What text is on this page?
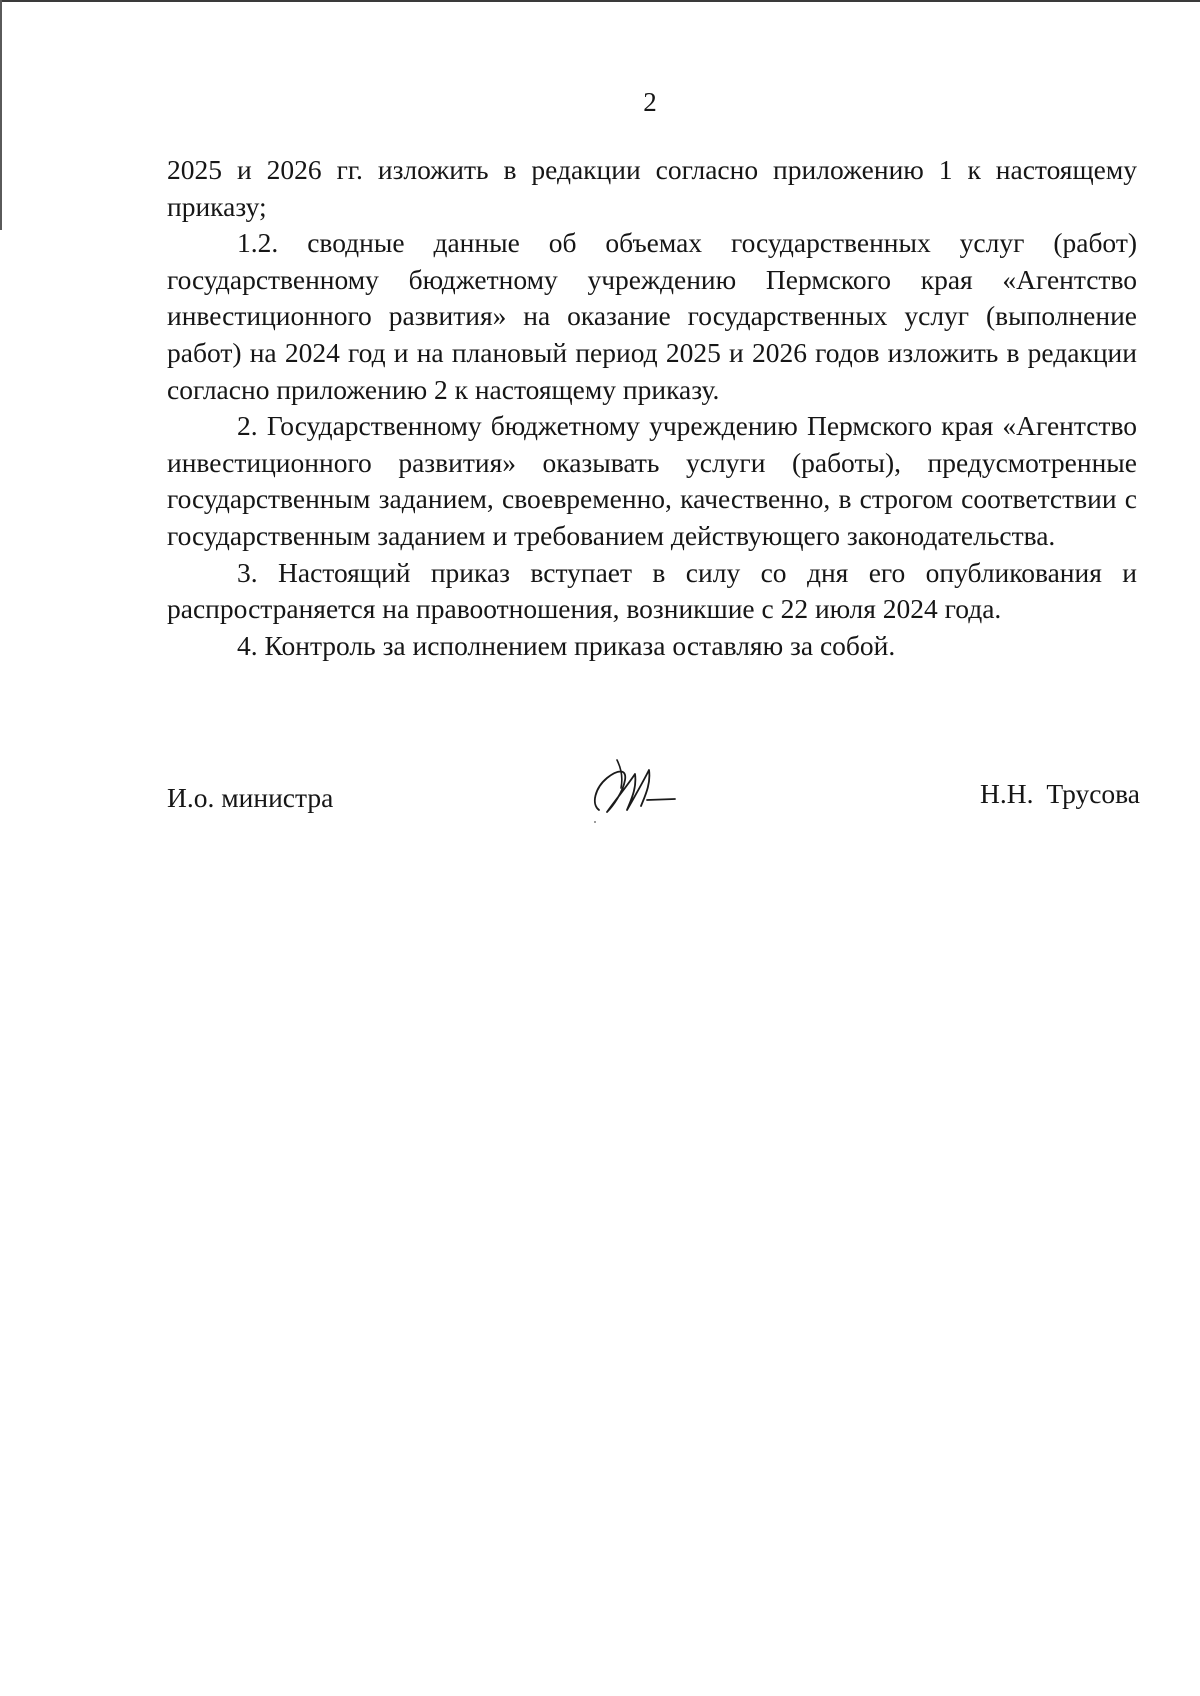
2

2025 и 2026 гг. изложить в редакции согласно приложению 1 к настоящему приказу;

1.2. сводные данные об объемах государственных услуг (работ) государственному бюджетному учреждению Пермского края «Агентство инвестиционного развития» на оказание государственных услуг (выполнение работ) на 2024 год и на плановый период 2025 и 2026 годов изложить в редакции согласно приложению 2 к настоящему приказу.

2. Государственному бюджетному учреждению Пермского края «Агентство инвестиционного развития» оказывать услуги (работы), предусмотренные государственным заданием, своевременно, качественно, в строгом соответствии с государственным заданием и требованием действующего законодательства.

3. Настоящий приказ вступает в силу со дня его опубликования и распространяется на правоотношения, возникшие с 22 июля 2024 года.

4. Контроль за исполнением приказа оставляю за собой.

И.о. министра	Н.Н. Трусова
